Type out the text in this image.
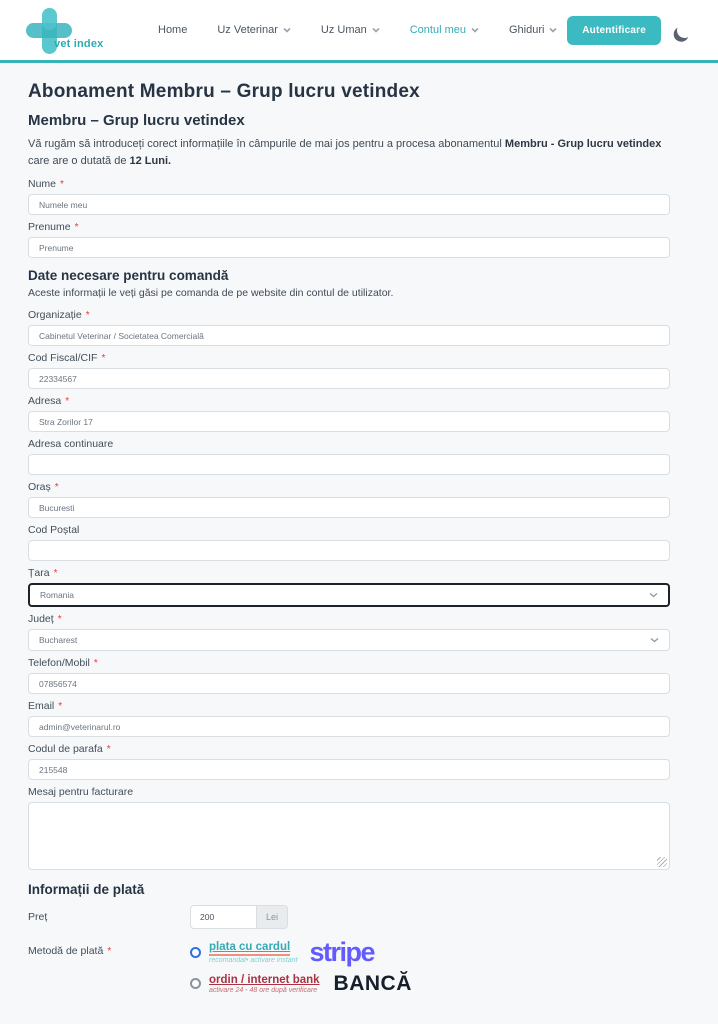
vet index
Home	Uz Veterinar	Uz Uman	Contul meu	Ghiduri	Autentificare
Abonament Membru – Grup lucru vetindex
Membru – Grup lucru vetindex

Vă rugăm să introduceți corect informațiile în câmpurile de mai jos pentru a procesa abonamentul Membru - Grup lucru vetindex care are o dutată de 12 Luni.

Nume *
Numele meu
Prenume *
Prenume
Date necesare pentru comandă

Aceste informații le veți găsi pe comanda de pe website din contul de utilizator.

Organizație *
Cabinetul Veterinar / Societatea Comercială
Cod Fiscal/CIF *
22334567
Adresa *
Stra Zorilor 17
Adresa continuare
Oraș *
Bucuresti
Cod Poștal
Țara *
Romania
Județ *
Bucharest
Telefon/Mobil *
07856574
Email *
admin@veterinarul.ro
Codul de parafa *
215548
Mesaj pentru facturare
Informații de plată
Preț
200	Lei
Metodă de plată *	plata cu cardul
recomandat• activare instant stripe
ordin / internet bank
activare 24 - 48 ore după verificare BANCĂ
